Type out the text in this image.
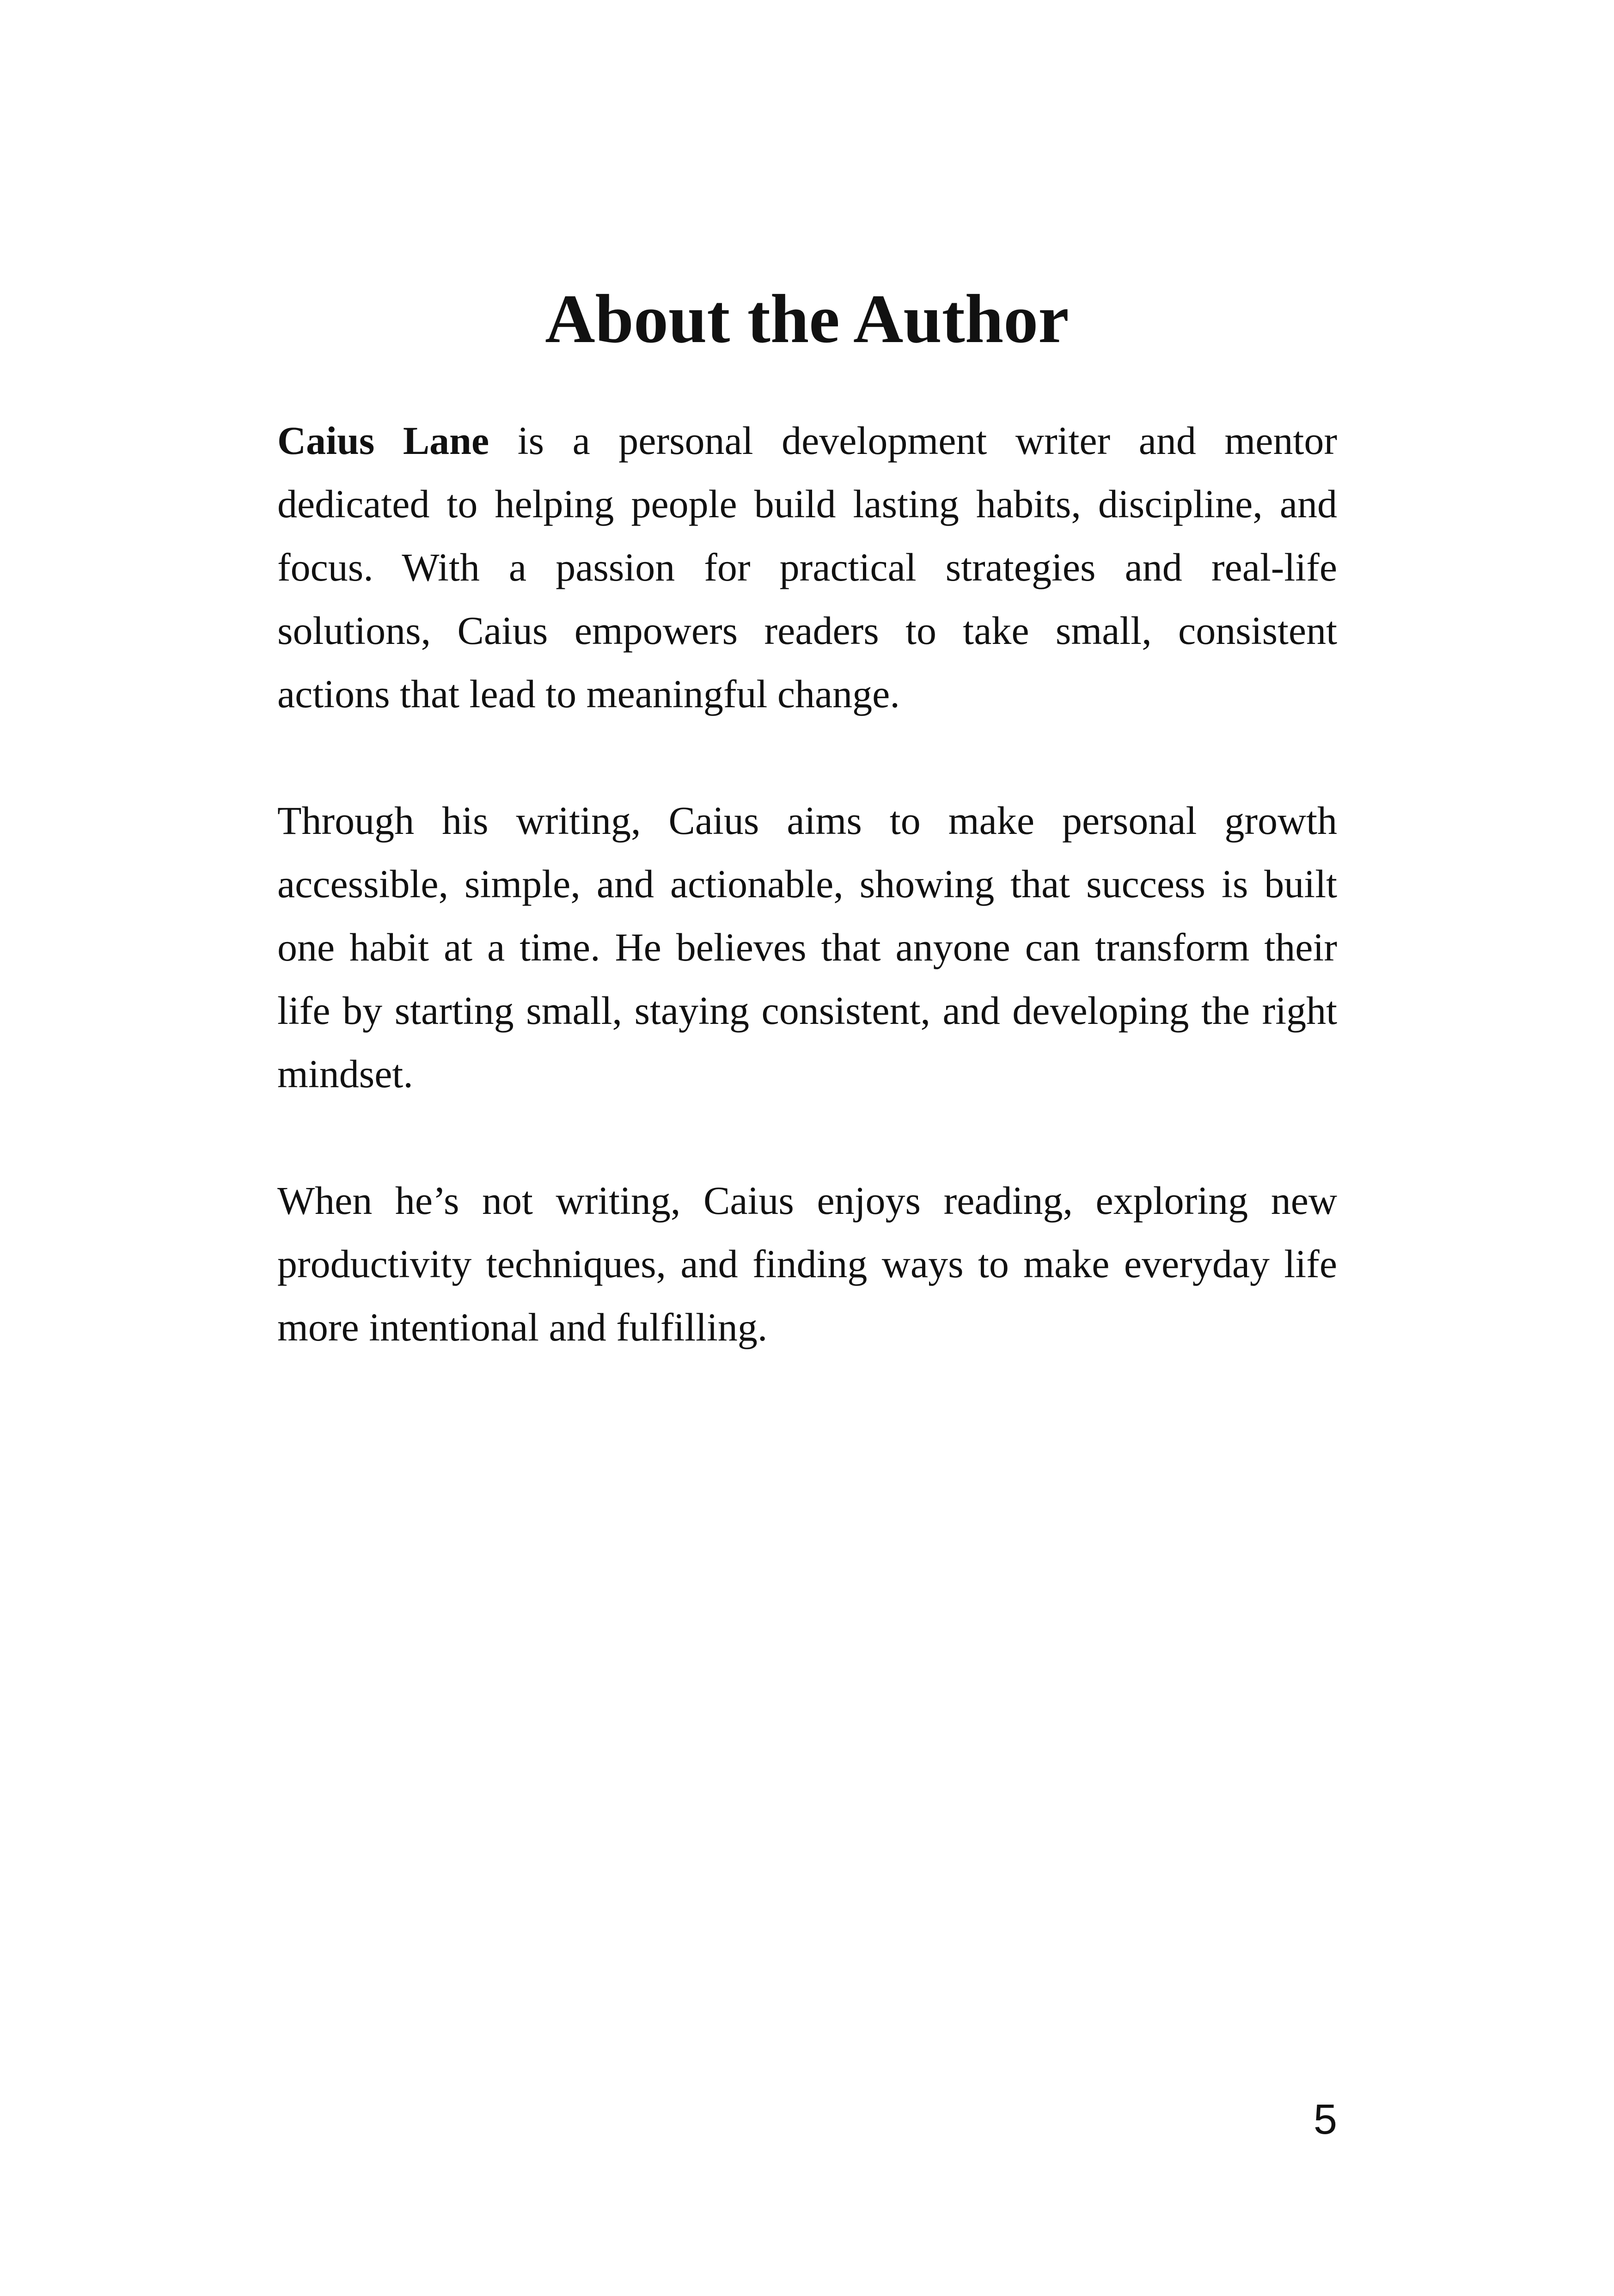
About the Author

Caius Lane is a personal development writer and mentor dedicated to helping people build lasting habits, discipline, and focus. With a passion for practical strategies and real-life solutions, Caius empowers readers to take small, consistent actions that lead to meaningful change.

Through his writing, Caius aims to make personal growth accessible, simple, and actionable, showing that success is built one habit at a time. He believes that anyone can transform their life by starting small, staying consistent, and developing the right mindset.

When he’s not writing, Caius enjoys reading, exploring new productivity techniques, and finding ways to make everyday life more intentional and fulfilling.

5
